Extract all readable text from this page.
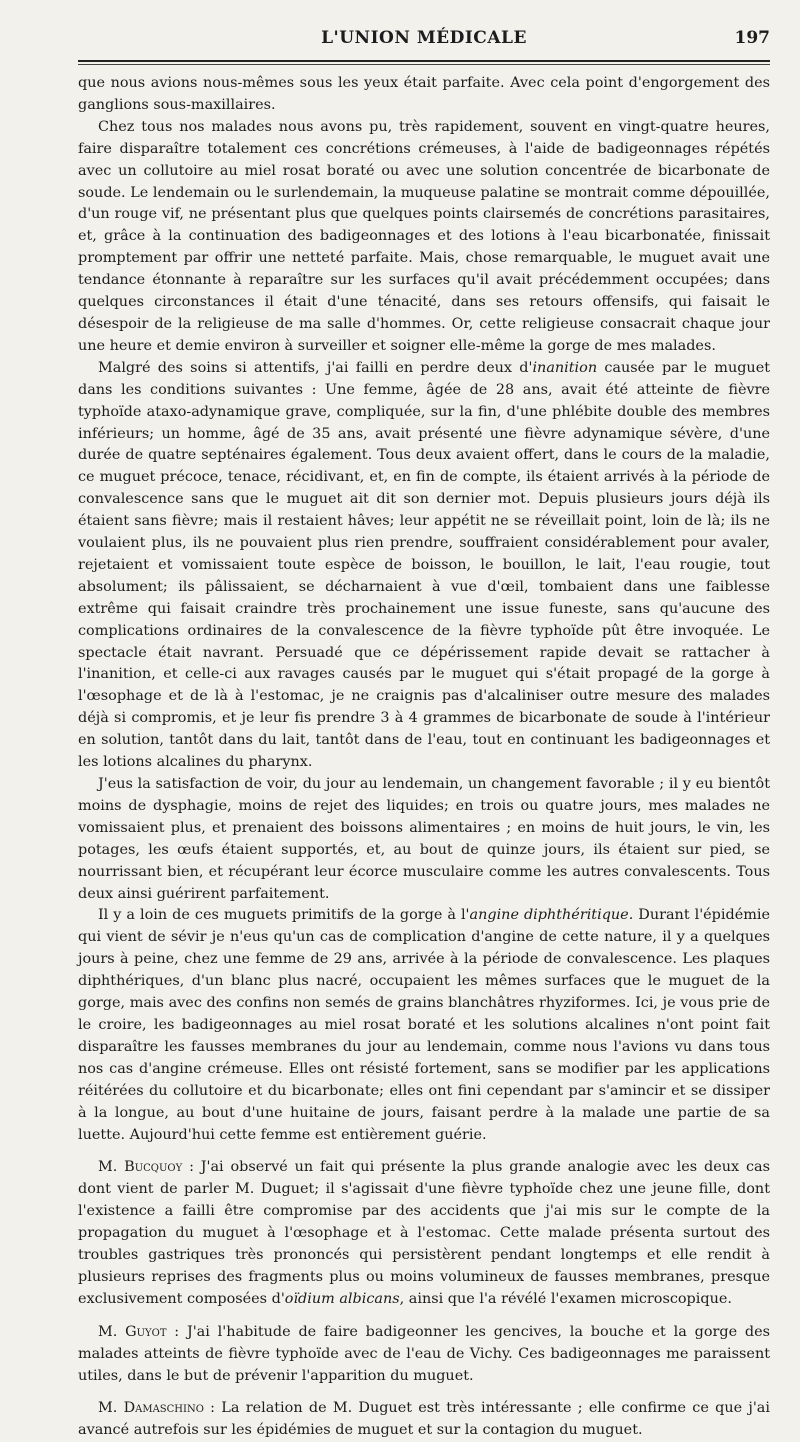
L'UNION MÉDICALE	197

que nous avions nous-mêmes sous les yeux était parfaite. Avec cela point d'engorgement des ganglions sous-maxillaires.

Chez tous nos malades nous avons pu, très rapidement, souvent en vingt-quatre heures, faire disparaître totalement ces concrétions crémeuses, à l'aide de badigeonnages répétés avec un collutoire au miel rosat boraté ou avec une solution concentrée de bicarbonate de soude. Le lendemain ou le surlendemain, la muqueuse palatine se montrait comme dépouillée, d'un rouge vif, ne présentant plus que quelques points clairsemés de concrétions parasitaires, et, grâce à la continuation des badigeonnages et des lotions à l'eau bicarbonatée, finissait promptement par offrir une netteté parfaite. Mais, chose remarquable, le muguet avait une tendance étonnante à reparaître sur les surfaces qu'il avait précédemment occupées; dans quelques circonstances il était d'une ténacité, dans ses retours offensifs, qui faisait le désespoir de la religieuse de ma salle d'hommes. Or, cette religieuse consacrait chaque jour une heure et demie environ à surveiller et soigner elle-même la gorge de mes malades.

Malgré des soins si attentifs, j'ai failli en perdre deux d'inanition causée par le muguet dans les conditions suivantes : Une femme, âgée de 28 ans, avait été atteinte de fièvre typhoïde ataxo-adynamique grave, compliquée, sur la fin, d'une phlébite double des membres inférieurs; un homme, âgé de 35 ans, avait présenté une fièvre adynamique sévère, d'une durée de quatre septénaires également. Tous deux avaient offert, dans le cours de la maladie, ce muguet précoce, tenace, récidivant, et, en fin de compte, ils étaient arrivés à la période de convalescence sans que le muguet ait dit son dernier mot. Depuis plusieurs jours déjà ils étaient sans fièvre; mais il restaient hâves; leur appétit ne se réveillait point, loin de là; ils ne voulaient plus, ils ne pouvaient plus rien prendre, souffraient considérablement pour avaler, rejetaient et vomissaient toute espèce de boisson, le bouillon, le lait, l'eau rougie, tout absolument; ils pâlissaient, se décharnaient à vue d'œil, tombaient dans une faiblesse extrême qui faisait craindre très prochainement une issue funeste, sans qu'aucune des complications ordinaires de la convalescence de la fièvre typhoïde pût être invoquée. Le spectacle était navrant. Persuadé que ce dépérissement rapide devait se rattacher à l'inanition, et celle-ci aux ravages causés par le muguet qui s'était propagé de la gorge à l'œsophage et de là à l'estomac, je ne craignis pas d'alcaliniser outre mesure des malades déjà si compromis, et je leur fis prendre 3 à 4 grammes de bicarbonate de soude à l'intérieur en solution, tantôt dans du lait, tantôt dans de l'eau, tout en continuant les badigeonnages et les lotions alcalines du pharynx.

J'eus la satisfaction de voir, du jour au lendemain, un changement favorable ; il y eu bientôt moins de dysphagie, moins de rejet des liquides; en trois ou quatre jours, mes malades ne vomissaient plus, et prenaient des boissons alimentaires ; en moins de huit jours, le vin, les potages, les œufs étaient supportés, et, au bout de quinze jours, ils étaient sur pied, se nourrissant bien, et récupérant leur écorce musculaire comme les autres convalescents. Tous deux ainsi guérirent parfaitement.

Il y a loin de ces muguets primitifs de la gorge à l'angine diphthéritique. Durant l'épidémie qui vient de sévir je n'eus qu'un cas de complication d'angine de cette nature, il y a quelques jours à peine, chez une femme de 29 ans, arrivée à la période de convalescence. Les plaques diphthériques, d'un blanc plus nacré, occupaient les mêmes surfaces que le muguet de la gorge, mais avec des confins non semés de grains blanchâtres rhyziformes. Ici, je vous prie de le croire, les badigeonnages au miel rosat boraté et les solutions alcalines n'ont point fait disparaître les fausses membranes du jour au lendemain, comme nous l'avions vu dans tous nos cas d'angine crémeuse. Elles ont résisté fortement, sans se modifier par les applications réitérées du collutoire et du bicarbonate; elles ont fini cependant par s'amincir et se dissiper à la longue, au bout d'une huitaine de jours, faisant perdre à la malade une partie de sa luette. Aujourd'hui cette femme est entièrement guérie.

M. Bucquoy : J'ai observé un fait qui présente la plus grande analogie avec les deux cas dont vient de parler M. Duguet; il s'agissait d'une fièvre typhoïde chez une jeune fille, dont l'existence a failli être compromise par des accidents que j'ai mis sur le compte de la propagation du muguet à l'œsophage et à l'estomac. Cette malade présenta surtout des troubles gastriques très prononcés qui persistèrent pendant longtemps et elle rendit à plusieurs reprises des fragments plus ou moins volumineux de fausses membranes, presque exclusivement composées d'oïdium albicans, ainsi que l'a révélé l'examen microscopique.

M. Guyot : J'ai l'habitude de faire badigeonner les gencives, la bouche et la gorge des malades atteints de fièvre typhoïde avec de l'eau de Vichy. Ces badigeonnages me paraissent utiles, dans le but de prévenir l'apparition du muguet.

M. Damaschino : La relation de M. Duguet est très intéressante ; elle confirme ce que j'ai avancé autrefois sur les épidémies de muguet et sur la contagion du muguet.
